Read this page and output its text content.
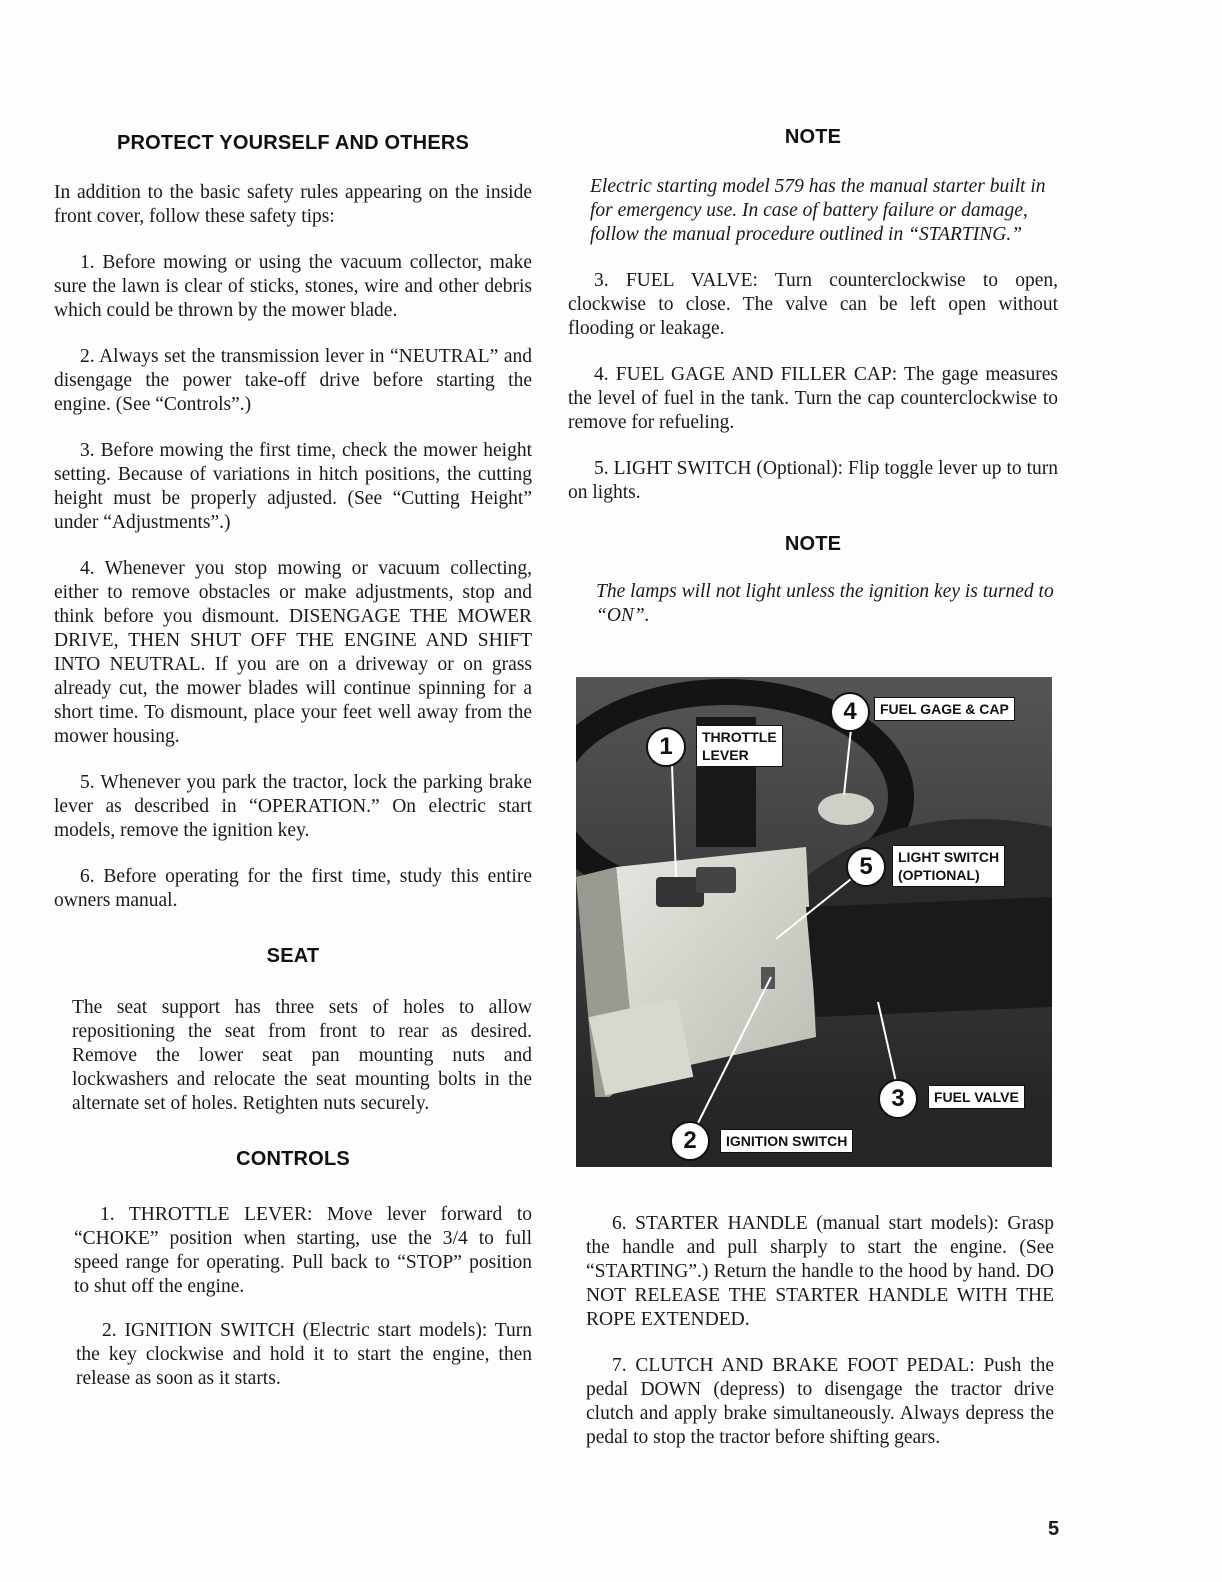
PROTECT YOURSELF AND OTHERS

In addition to the basic safety rules appearing on the inside front cover, follow these safety tips:

1. Before mowing or using the vacuum collector, make sure the lawn is clear of sticks, stones, wire and other debris which could be thrown by the mower blade.

2. Always set the transmission lever in “NEUTRAL” and disengage the power take-off drive before starting the engine. (See “Controls”.)

3. Before mowing the first time, check the mower height setting. Because of variations in hitch positions, the cutting height must be properly adjusted. (See “Cutting Height” under “Adjustments”.)

4. Whenever you stop mowing or vacuum collecting, either to remove obstacles or make adjustments, stop and think before you dismount. DISENGAGE THE MOWER DRIVE, THEN SHUT OFF THE ENGINE AND SHIFT INTO NEUTRAL. If you are on a driveway or on grass already cut, the mower blades will continue spinning for a short time. To dismount, place your feet well away from the mower housing.

5. Whenever you park the tractor, lock the parking brake lever as described in “OPERATION.” On electric start models, remove the ignition key.

6. Before operating for the first time, study this entire owners manual.

SEAT

The seat support has three sets of holes to allow repositioning the seat from front to rear as desired. Remove the lower seat pan mounting nuts and lockwashers and relocate the seat mounting bolts in the alternate set of holes. Retighten nuts securely.

CONTROLS

1. THROTTLE LEVER: Move lever forward to “CHOKE” position when starting, use the 3/4 to full speed range for operating. Pull back to “STOP” position to shut off the engine.

2. IGNITION SWITCH (Electric start models): Turn the key clockwise and hold it to start the engine, then release as soon as it starts.

NOTE

Electric starting model 579 has the manual starter built in for emergency use. In case of battery failure or damage, follow the manual procedure outlined in “STARTING.”

3. FUEL VALVE: Turn counterclockwise to open, clockwise to close. The valve can be left open without flooding or leakage.

4. FUEL GAGE AND FILLER CAP: The gage measures the level of fuel in the tank. Turn the cap counterclockwise to remove for refueling.

5. LIGHT SWITCH (Optional): Flip toggle lever up to turn on lights.

NOTE

The lamps will not light unless the ignition key is turned to “ON”.

1	THROTTLE
LEVER
4	FUEL GAGE & CAP
5	LIGHT SWITCH
(OPTIONAL)
3	FUEL VALVE
2	IGNITION SWITCH

6. STARTER HANDLE (manual start models): Grasp the handle and pull sharply to start the engine. (See “STARTING”.) Return the handle to the hood by hand. DO NOT RELEASE THE STARTER HANDLE WITH THE ROPE EXTENDED.

7. CLUTCH AND BRAKE FOOT PEDAL: Push the pedal DOWN (depress) to disengage the tractor drive clutch and apply brake simultaneously. Always depress the pedal to stop the tractor before shifting gears.

5
